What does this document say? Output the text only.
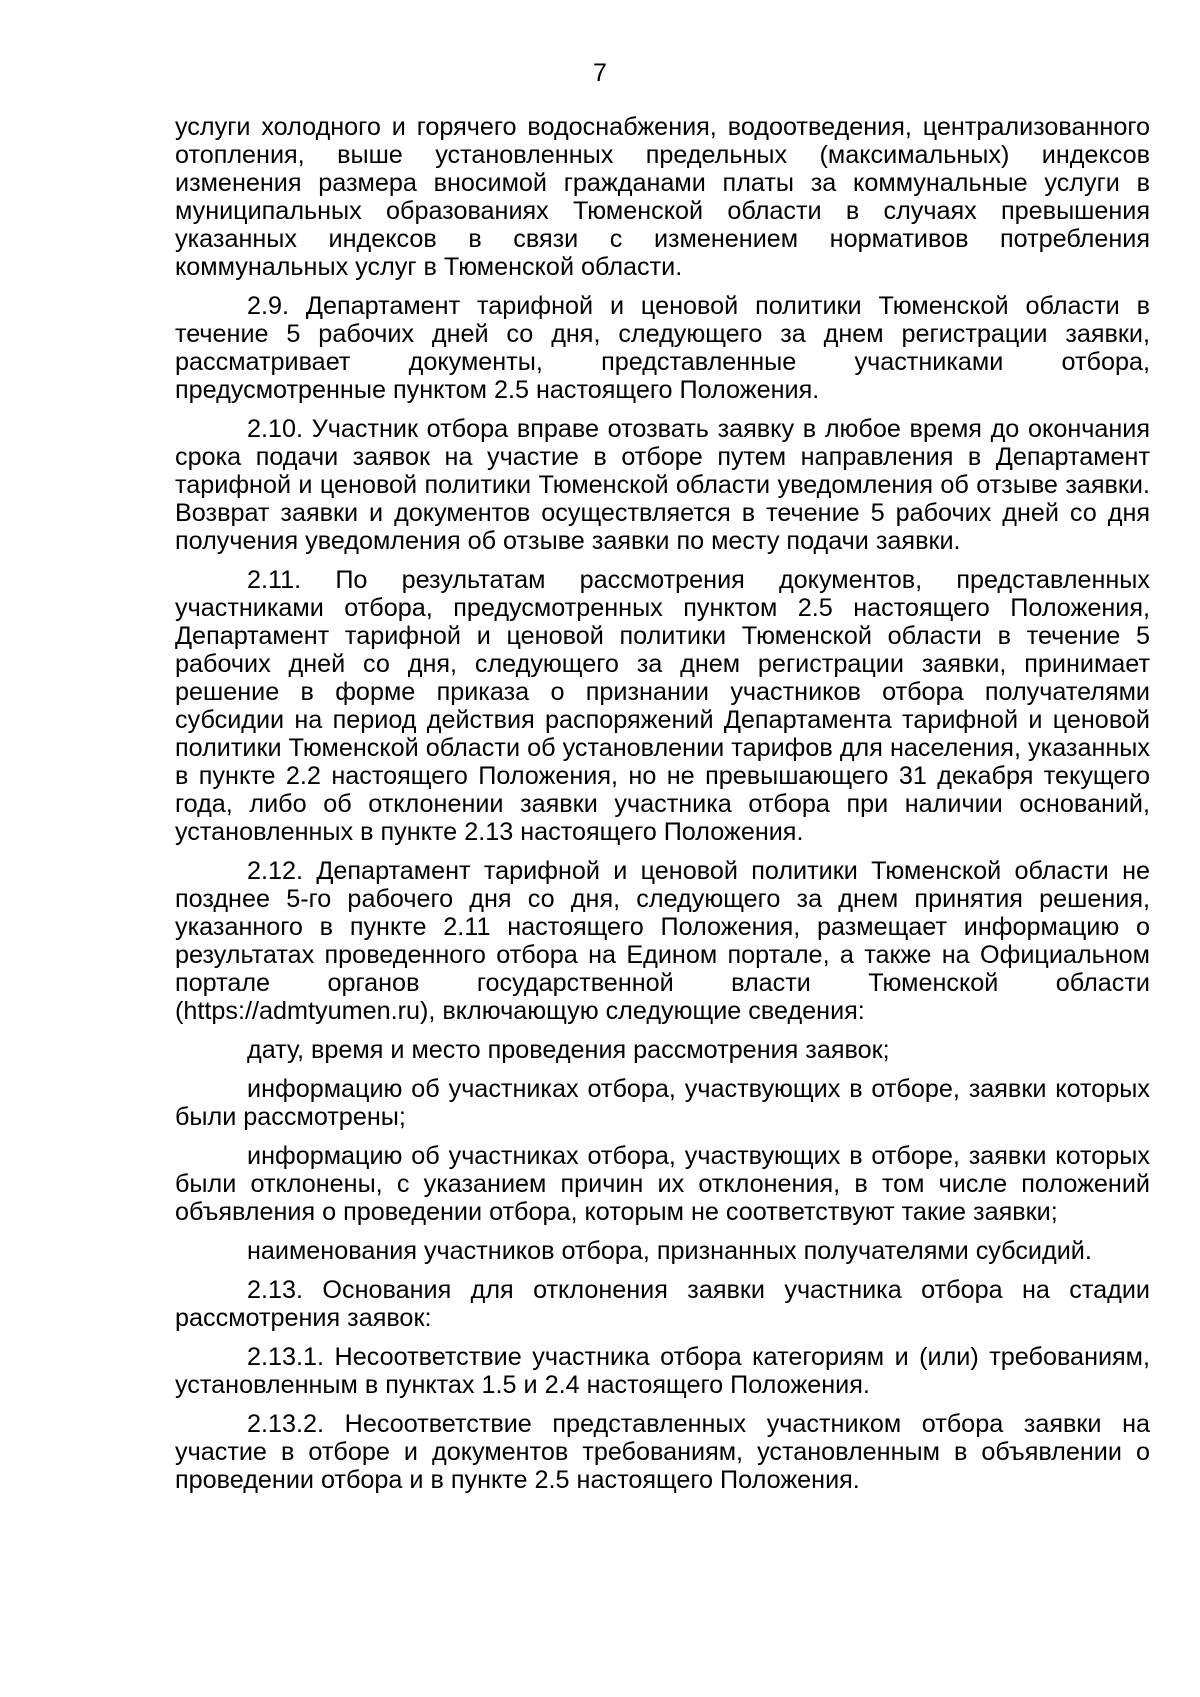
7

услуги холодного и горячего водоснабжения, водоотведения, централизованного отопления, выше установленных предельных (максимальных) индексов изменения размера вносимой гражданами платы за коммунальные услуги в муниципальных образованиях Тюменской области в случаях превышения указанных индексов в связи с изменением нормативов потребления коммунальных услуг в Тюменской области.

2.9. Департамент тарифной и ценовой политики Тюменской области в течение 5 рабочих дней со дня, следующего за днем регистрации заявки, рассматривает документы, представленные участниками отбора, предусмотренные пунктом 2.5 настоящего Положения.

2.10. Участник отбора вправе отозвать заявку в любое время до окончания срока подачи заявок на участие в отборе путем направления в Департамент тарифной и ценовой политики Тюменской области уведомления об отзыве заявки. Возврат заявки и документов осуществляется в течение 5 рабочих дней со дня получения уведомления об отзыве заявки по месту подачи заявки.

2.11. По результатам рассмотрения документов, представленных участниками отбора, предусмотренных пунктом 2.5 настоящего Положения, Департамент тарифной и ценовой политики Тюменской области в течение 5 рабочих дней со дня, следующего за днем регистрации заявки, принимает решение в форме приказа о признании участников отбора получателями субсидии на период действия распоряжений Департамента тарифной и ценовой политики Тюменской области об установлении тарифов для населения, указанных в пункте 2.2 настоящего Положения, но не превышающего 31 декабря текущего года, либо об отклонении заявки участника отбора при наличии оснований, установленных в пункте 2.13 настоящего Положения.

2.12. Департамент тарифной и ценовой политики Тюменской области не позднее 5-го рабочего дня со дня, следующего за днем принятия решения, указанного в пункте 2.11 настоящего Положения, размещает информацию о результатах проведенного отбора на Едином портале, а также на Официальном портале органов государственной власти Тюменской области (https://admtyumen.ru), включающую следующие сведения:

дату, время и место проведения рассмотрения заявок;

информацию об участниках отбора, участвующих в отборе, заявки которых были рассмотрены;

информацию об участниках отбора, участвующих в отборе, заявки которых были отклонены, с указанием причин их отклонения, в том числе положений объявления о проведении отбора, которым не соответствуют такие заявки;

наименования участников отбора, признанных получателями субсидий.

2.13. Основания для отклонения заявки участника отбора на стадии рассмотрения заявок:

2.13.1. Несоответствие участника отбора категориям и (или) требованиям, установленным в пунктах 1.5 и 2.4 настоящего Положения.

2.13.2. Несоответствие представленных участником отбора заявки на участие в отборе и документов требованиям, установленным в объявлении о проведении отбора и в пункте 2.5 настоящего Положения.
